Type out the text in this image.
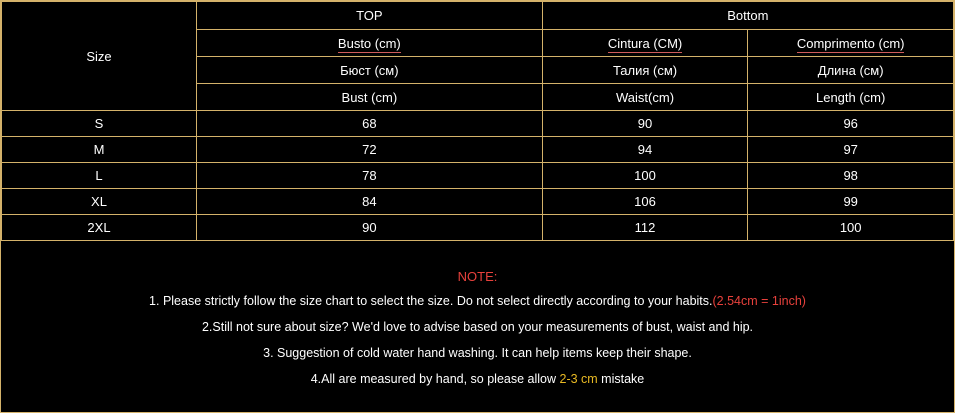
Size	TOP	Bottom	
	Busto (cm)	Cintura (CM)	Comprimento (cm)
	Бюст (см)	Талия (см)	Длина (см)
	Bust (cm)	Waist(cm)	Length (cm)
S	68	90	96
M	72	94	97
L	78	100	98
XL	84	106	99
2XL	90	112	100
NOTE:
1. Please strictly follow the size chart to select the size. Do not select directly according to your habits.(2.54cm = 1inch)
2.Still not sure about size? We'd love to advise based on your measurements of bust, waist and hip.
3. Suggestion of cold water hand washing. It can help items keep their shape.
4.All are measured by hand, so please allow 2-3 cm mistake
